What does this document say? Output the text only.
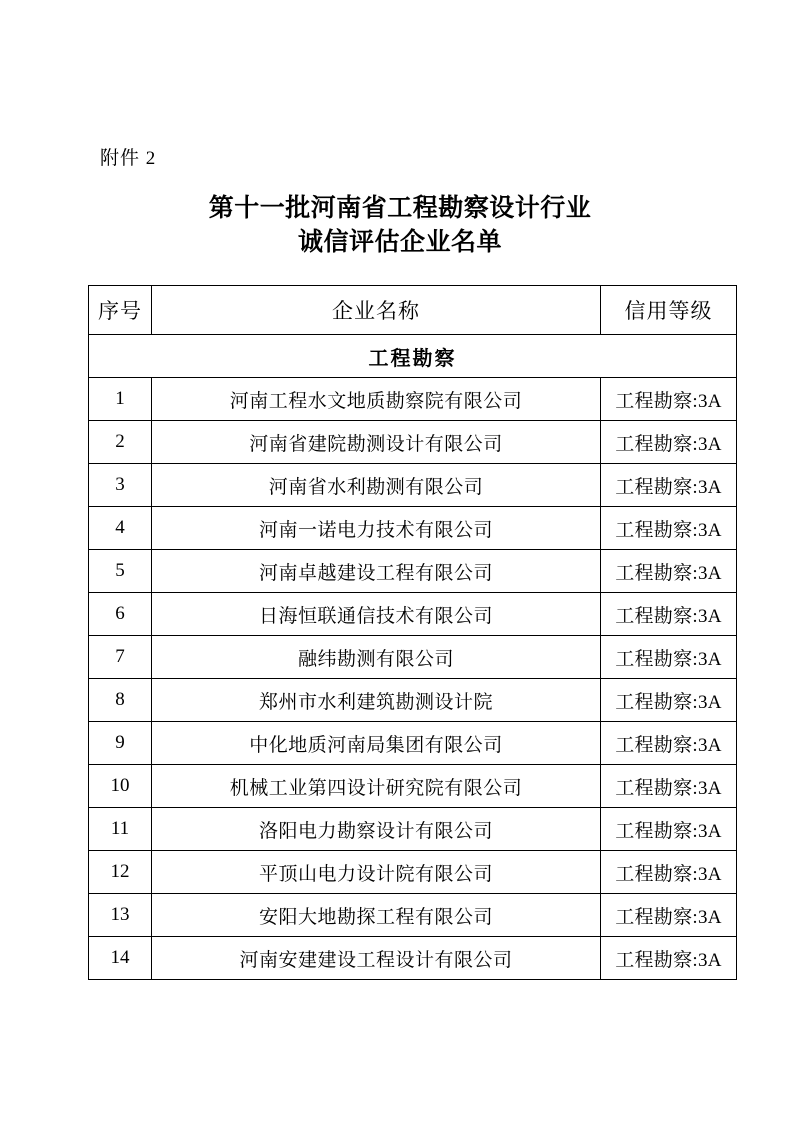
附件 2
第十一批河南省工程勘察设计行业
诚信评估企业名单
序号	企业名称	信用等级
工程勘察		
1	河南工程水文地质勘察院有限公司	工程勘察:3A
2	河南省建院勘测设计有限公司	工程勘察:3A
3	河南省水利勘测有限公司	工程勘察:3A
4	河南一诺电力技术有限公司	工程勘察:3A
5	河南卓越建设工程有限公司	工程勘察:3A
6	日海恒联通信技术有限公司	工程勘察:3A
7	融纬勘测有限公司	工程勘察:3A
8	郑州市水利建筑勘测设计院	工程勘察:3A
9	中化地质河南局集团有限公司	工程勘察:3A
10	机械工业第四设计研究院有限公司	工程勘察:3A
11	洛阳电力勘察设计有限公司	工程勘察:3A
12	平顶山电力设计院有限公司	工程勘察:3A
13	安阳大地勘探工程有限公司	工程勘察:3A
14	河南安建建设工程设计有限公司	工程勘察:3A
